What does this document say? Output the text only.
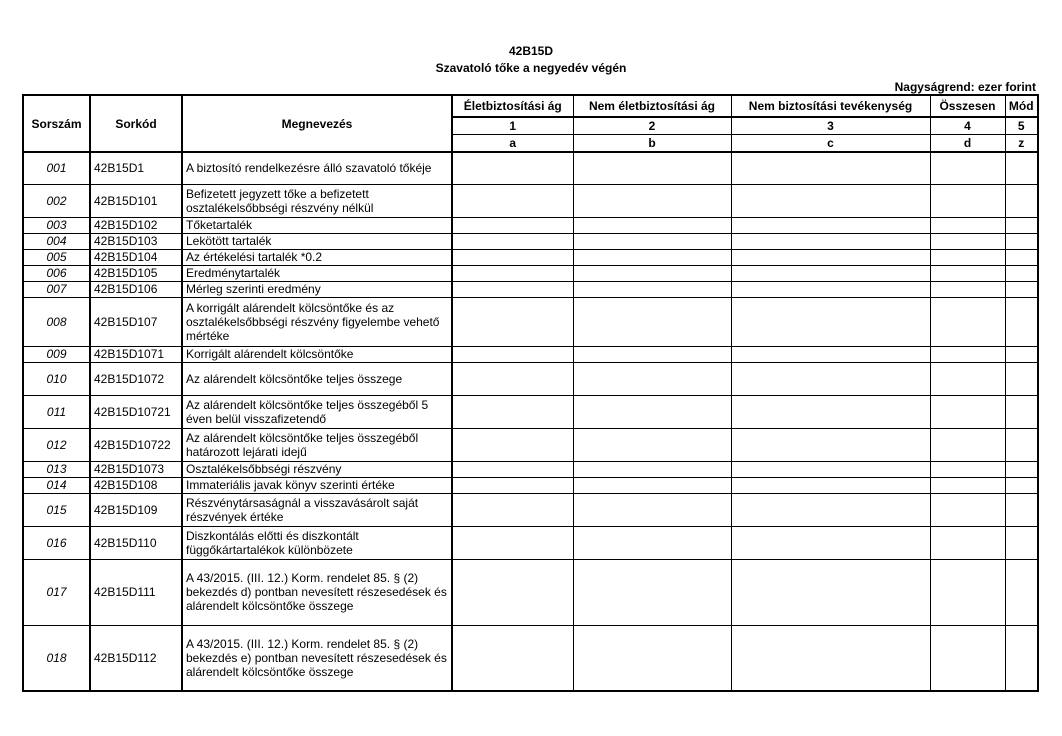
42B15D
Szavatoló tőke a negyedév végén
Nagyságrend: ezer forint
Sorszám	Sorkód	Megnevezés	Életbiztosítási ág	Nem életbiztosítási ág	Nem biztosítási tevékenység	Összesen	Mód
			1	2	3	4	5
			a	b	c	d	z
001	42B15D1	A biztosító rendelkezésre álló szavatoló tőkéje					
002	42B15D101	Befizetett jegyzett tőke a befizetett osztalékelsőbbségi részvény nélkül					
003	42B15D102	Tőketartalék					
004	42B15D103	Lekötött tartalék					
005	42B15D104	Az értékelési tartalék *0.2					
006	42B15D105	Eredménytartalék					
007	42B15D106	Mérleg szerinti eredmény					
008	42B15D107	A korrigált alárendelt kölcsöntőke és az osztalékelsőbbségi részvény figyelembe vehető mértéke					
009	42B15D1071	Korrigált alárendelt kölcsöntőke					
010	42B15D1072	Az alárendelt kölcsöntőke teljes összege					
011	42B15D10721	Az alárendelt kölcsöntőke teljes összegéből 5 éven belül visszafizetendő					
012	42B15D10722	Az alárendelt kölcsöntőke teljes összegéből határozott lejárati idejű					
013	42B15D1073	Osztalékelsőbbségi részvény					
014	42B15D108	Immateriális javak könyv szerinti értéke					
015	42B15D109	Részvénytársaságnál a visszavásárolt saját részvények értéke					
016	42B15D110	Diszkontálás előtti és diszkontált függőkártartalékok különbözete					
017	42B15D111	A 43/2015. (III. 12.) Korm. rendelet 85. § (2) bekezdés d) pontban nevesített részesedések és alárendelt kölcsöntőke összege					
018	42B15D112	A 43/2015. (III. 12.) Korm. rendelet 85. § (2) bekezdés e) pontban nevesített részesedések és alárendelt kölcsöntőke összege					
